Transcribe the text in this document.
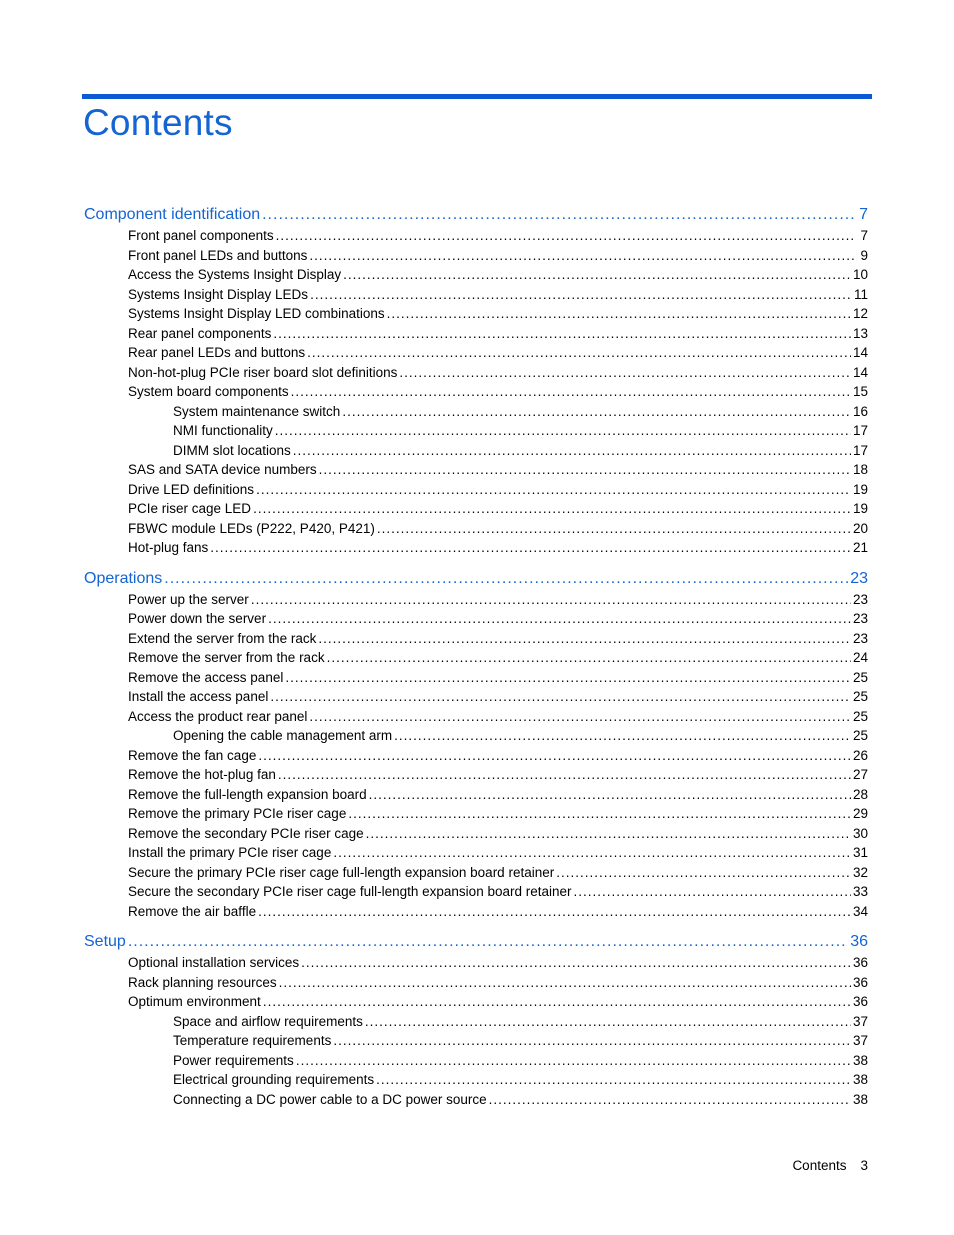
Contents
Component identification .....	7
Front panel components .....	7
Front panel LEDs and buttons .....	9
Access the Systems Insight Display .....	10
Systems Insight Display LEDs .....	11
Systems Insight Display LED combinations .....	12
Rear panel components .....	13
Rear panel LEDs and buttons .....	14
Non-hot-plug PCIe riser board slot definitions .....	14
System board components .....	15
System maintenance switch .....	16
NMI functionality .....	17
DIMM slot locations .....	17
SAS and SATA device numbers .....	18
Drive LED definitions .....	19
PCIe riser cage LED .....	19
FBWC module LEDs (P222, P420, P421) .....	20
Hot-plug fans .....	21
Operations .....	23
Power up the server .....	23
Power down the server .....	23
Extend the server from the rack .....	23
Remove the server from the rack .....	24
Remove the access panel .....	25
Install the access panel .....	25
Access the product rear panel .....	25
Opening the cable management arm .....	25
Remove the fan cage .....	26
Remove the hot-plug fan .....	27
Remove the full-length expansion board .....	28
Remove the primary PCIe riser cage .....	29
Remove the secondary PCIe riser cage .....	30
Install the primary PCIe riser cage .....	31
Secure the primary PCIe riser cage full-length expansion board retainer .....	32
Secure the secondary PCIe riser cage full-length expansion board retainer .....	33
Remove the air baffle .....	34
Setup .....	36
Optional installation services .....	36
Rack planning resources .....	36
Optimum environment .....	36
Space and airflow requirements .....	37
Temperature requirements .....	37
Power requirements .....	38
Electrical grounding requirements .....	38
Connecting a DC power cable to a DC power source .....	38
Contents 3
